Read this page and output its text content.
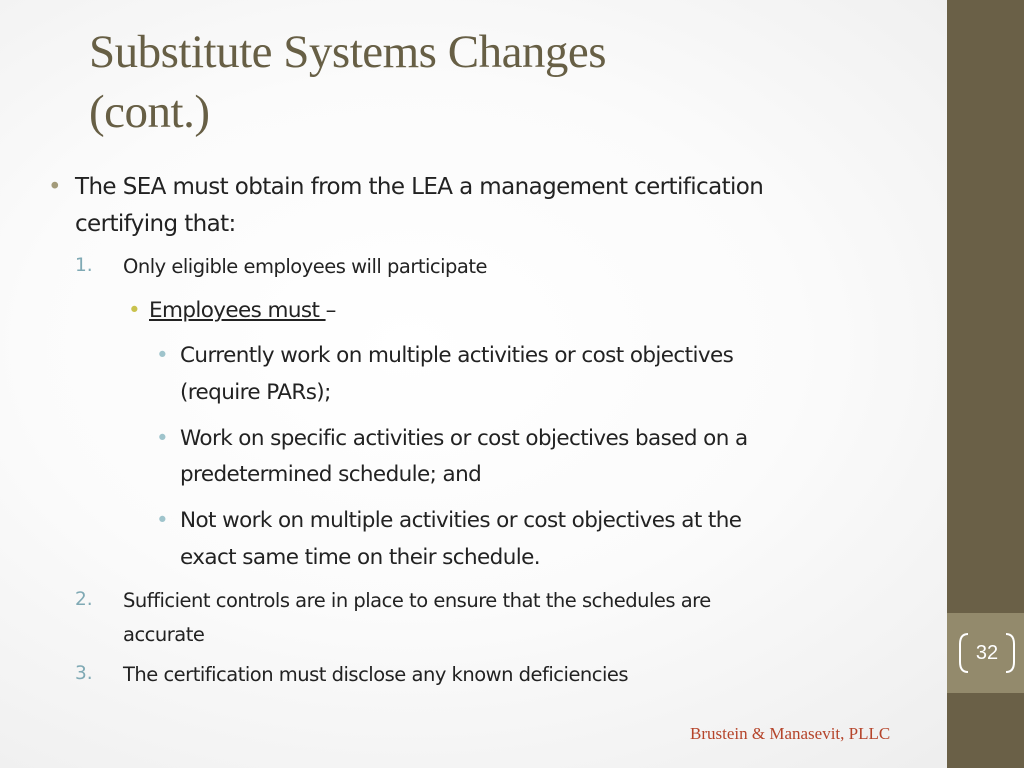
32
Substitute Systems Changes
(cont.)
• The SEA must obtain from the LEA a management certification
certifying that:
1. Only eligible employees will participate
• Employees must –
• Currently work on multiple activities or cost objectives
(require PARs);
• Work on specific activities or cost objectives based on a
predetermined schedule; and
• Not work on multiple activities or cost objectives at the
exact same time on their schedule.
2. Sufficient controls are in place to ensure that the schedules are
accurate
3. The certification must disclose any known deficiencies
Brustein & Manasevit, PLLC
